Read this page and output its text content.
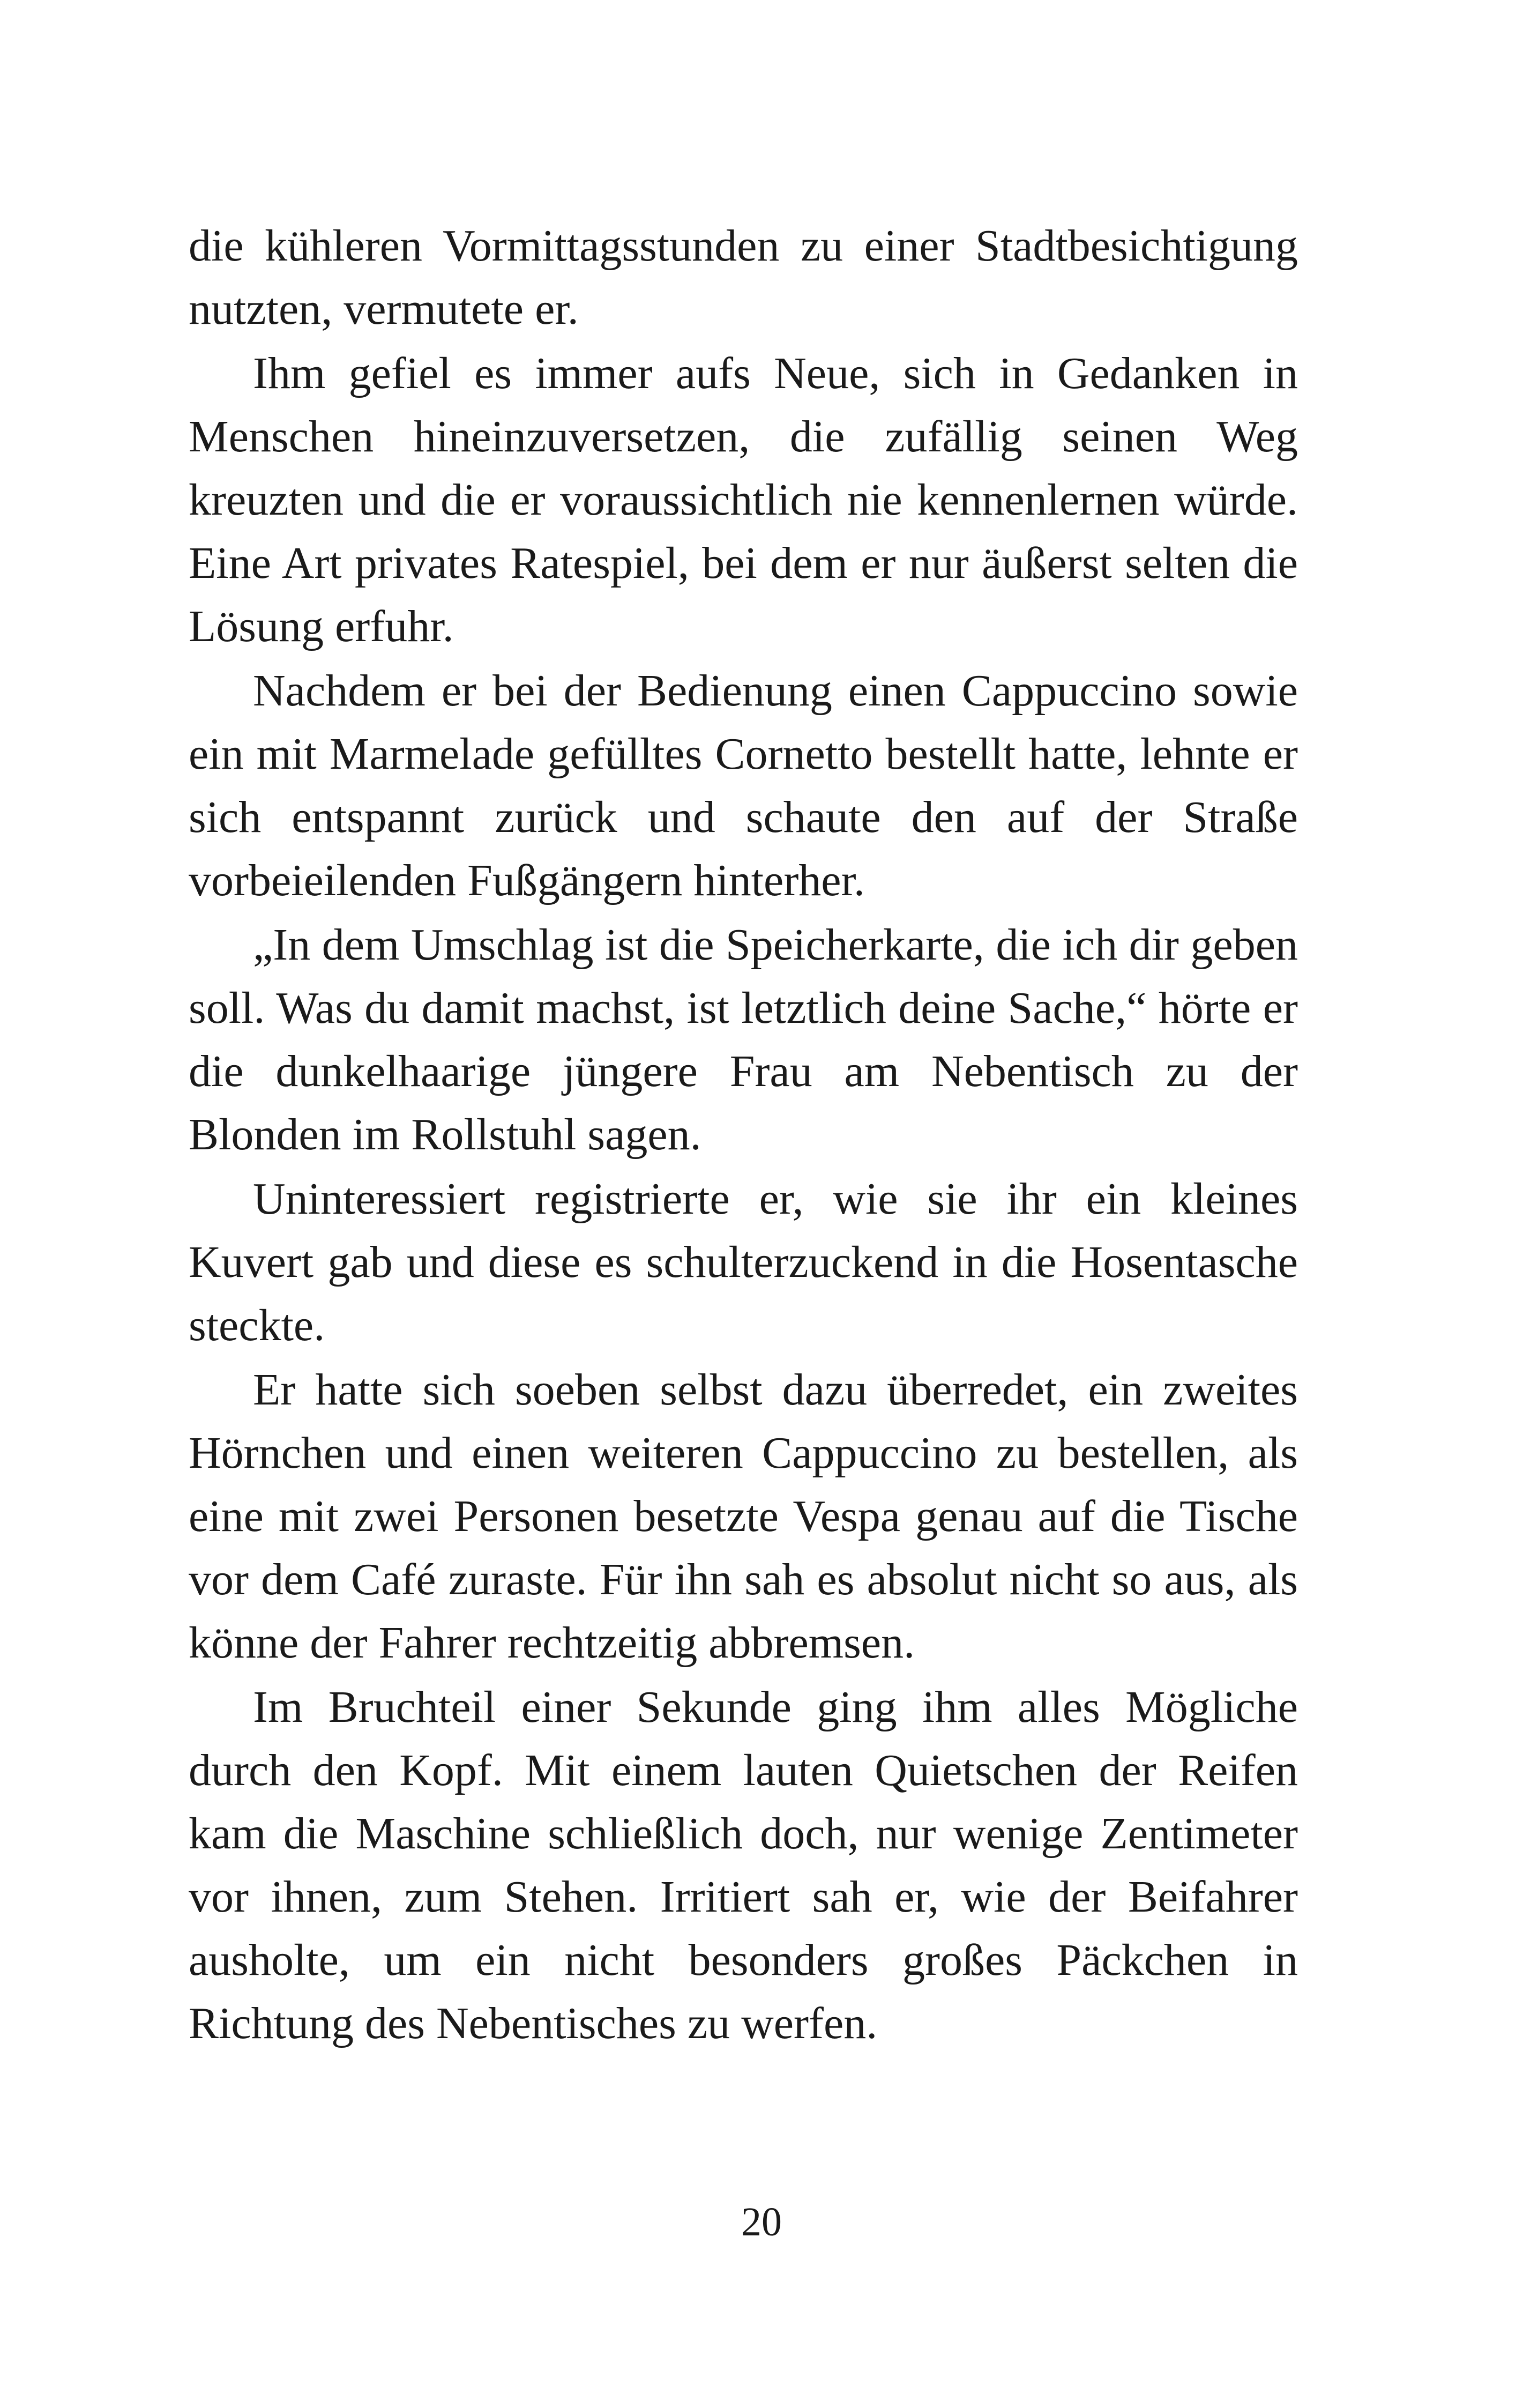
die kühleren Vormittagsstunden zu einer Stadtbesichtigung nutzten, vermutete er.

Ihm gefiel es immer aufs Neue, sich in Gedanken in Menschen hineinzuversetzen, die zufällig seinen Weg kreuzten und die er voraussichtlich nie kennenlernen würde. Eine Art privates Ratespiel, bei dem er nur äußerst selten die Lösung erfuhr.

Nachdem er bei der Bedienung einen Cappuccino sowie ein mit Marmelade gefülltes Cornetto bestellt hatte, lehnte er sich entspannt zurück und schaute den auf der Straße vorbeieilenden Fußgängern hinterher.

„In dem Umschlag ist die Speicherkarte, die ich dir geben soll. Was du damit machst, ist letztlich deine Sache,“ hörte er die dunkelhaarige jüngere Frau am Nebentisch zu der Blonden im Rollstuhl sagen.

Uninteressiert registrierte er, wie sie ihr ein kleines Kuvert gab und diese es schulterzuckend in die Hosentasche steckte.

Er hatte sich soeben selbst dazu überredet, ein zweites Hörnchen und einen weiteren Cappuccino zu bestellen, als eine mit zwei Personen besetzte Vespa genau auf die Tische vor dem Café zuraste. Für ihn sah es absolut nicht so aus, als könne der Fahrer rechtzeitig abbremsen.

Im Bruchteil einer Sekunde ging ihm alles Mögliche durch den Kopf. Mit einem lauten Quietschen der Reifen kam die Maschine schließlich doch, nur wenige Zentimeter vor ihnen, zum Stehen. Irritiert sah er, wie der Beifahrer ausholte, um ein nicht besonders großes Päckchen in Richtung des Nebentisches zu werfen.

20
